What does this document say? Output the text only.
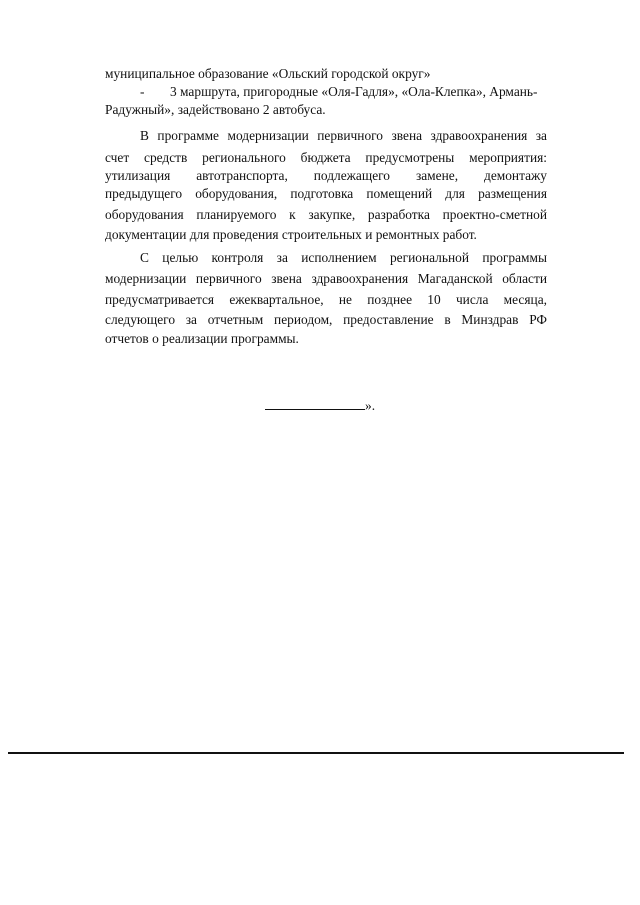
муниципальное образование «Ольский городской округ»
- 3 маршрута, пригородные «Оля-Гадля», «Ола-Клепка», Армань-
Радужный», задействовано 2 автобуса.
В программе модернизации первичного звена здравоохранения за
счет средств регионального бюджета предусмотрены мероприятия:
утилизация автотранспорта, подлежащего замене, демонтажу
предыдущего оборудования, подготовка помещений для размещения
оборудования планируемого к закупке, разработка проектно-сметной
документации для проведения строительных и ремонтных работ.
С целью контроля за исполнением региональной программы
модернизации первичного звена здравоохранения Магаданской области
предусматривается ежеквартальное, не позднее 10 числа месяца,
следующего за отчетным периодом, предоставление в Минздрав РФ
отчетов о реализации программы.
».
